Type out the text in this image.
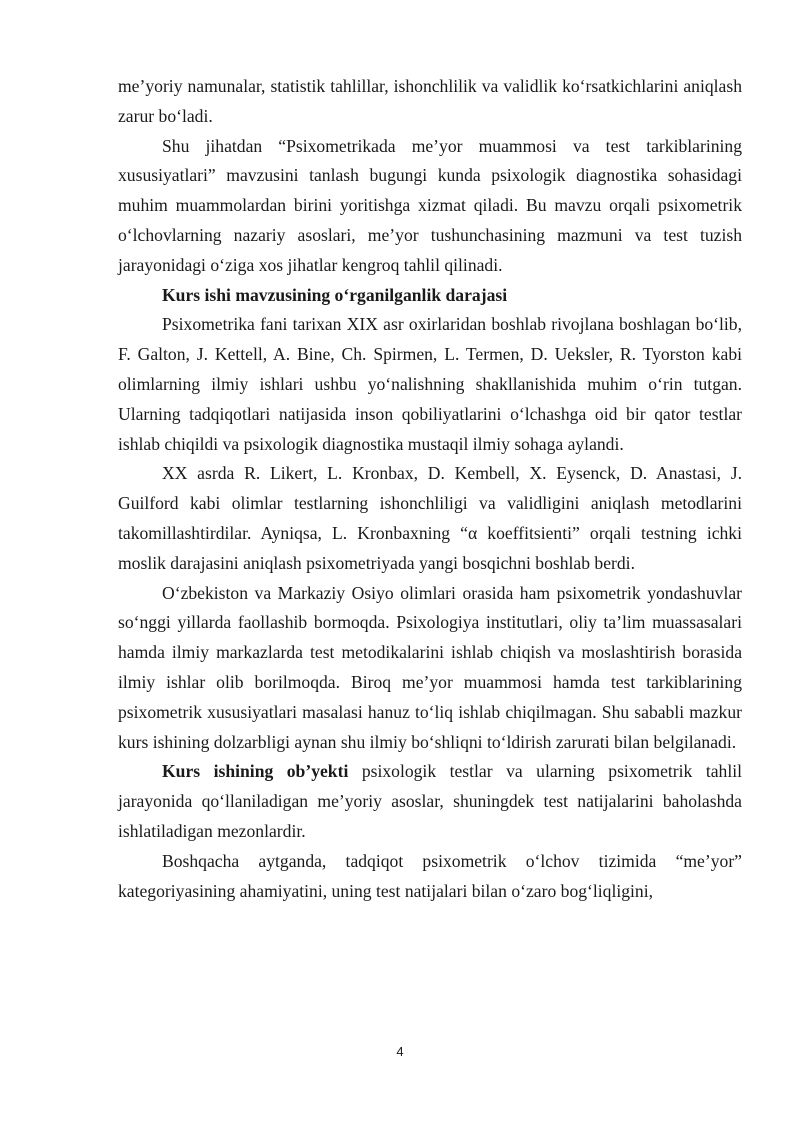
me’yoriy namunalar, statistik tahlillar, ishonchlilik va validlik ko‘rsatkichlarini aniqlash zarur bo‘ladi.

Shu jihatdan “Psixometrikada me’yor muammosi va test tarkiblarining xususiyatlari” mavzusini tanlash bugungi kunda psixologik diagnostika sohasidagi muhim muammolardan birini yoritishga xizmat qiladi. Bu mavzu orqali psixometrik o‘lchovlarning nazariy asoslari, me’yor tushunchasining mazmuni va test tuzish jarayonidagi o‘ziga xos jihatlar kengroq tahlil qilinadi.

Kurs ishi mavzusining o‘rganilganlik darajasi

Psixometrika fani tarixan XIX asr oxirlaridan boshlab rivojlana boshlagan bo‘lib, F. Galton, J. Kettell, A. Bine, Ch. Spirmen, L. Termen, D. Ueksler, R. Tyorston kabi olimlarning ilmiy ishlari ushbu yo‘nalishning shakllanishida muhim o‘rin tutgan. Ularning tadqiqotlari natijasida inson qobiliyatlarini o‘lchashga oid bir qator testlar ishlab chiqildi va psixologik diagnostika mustaqil ilmiy sohaga aylandi.

XX asrda R. Likert, L. Kronbax, D. Kembell, X. Eysenck, D. Anastasi, J. Guilford kabi olimlar testlarning ishonchliligi va validligini aniqlash metodlarini takomillashtirdilar. Ayniqsa, L. Kronbaxning “α koeffitsienti” orqali testning ichki moslik darajasini aniqlash psixometriyada yangi bosqichni boshlab berdi.

O‘zbekiston va Markaziy Osiyo olimlari orasida ham psixometrik yondashuvlar so‘nggi yillarda faollashib bormoqda. Psixologiya institutlari, oliy ta’lim muassasalari hamda ilmiy markazlarda test metodikalarini ishlab chiqish va moslashtirish borasida ilmiy ishlar olib borilmoqda. Biroq me’yor muammosi hamda test tarkiblarining psixometrik xususiyatlari masalasi hanuz to‘liq ishlab chiqilmagan. Shu sababli mazkur kurs ishining dolzarbligi aynan shu ilmiy bo‘shliqni to‘ldirish zarurati bilan belgilanadi.

Kurs ishining ob’yekti psixologik testlar va ularning psixometrik tahlil jarayonida qo‘llaniladigan me’yoriy asoslar, shuningdek test natijalarini baholashda ishlatiladigan mezonlardir.

Boshqacha aytganda, tadqiqot psixometrik o‘lchov tizimida “me’yor” kategoriyasining ahamiyatini, uning test natijalari bilan o‘zaro bog‘liqligini,

4
